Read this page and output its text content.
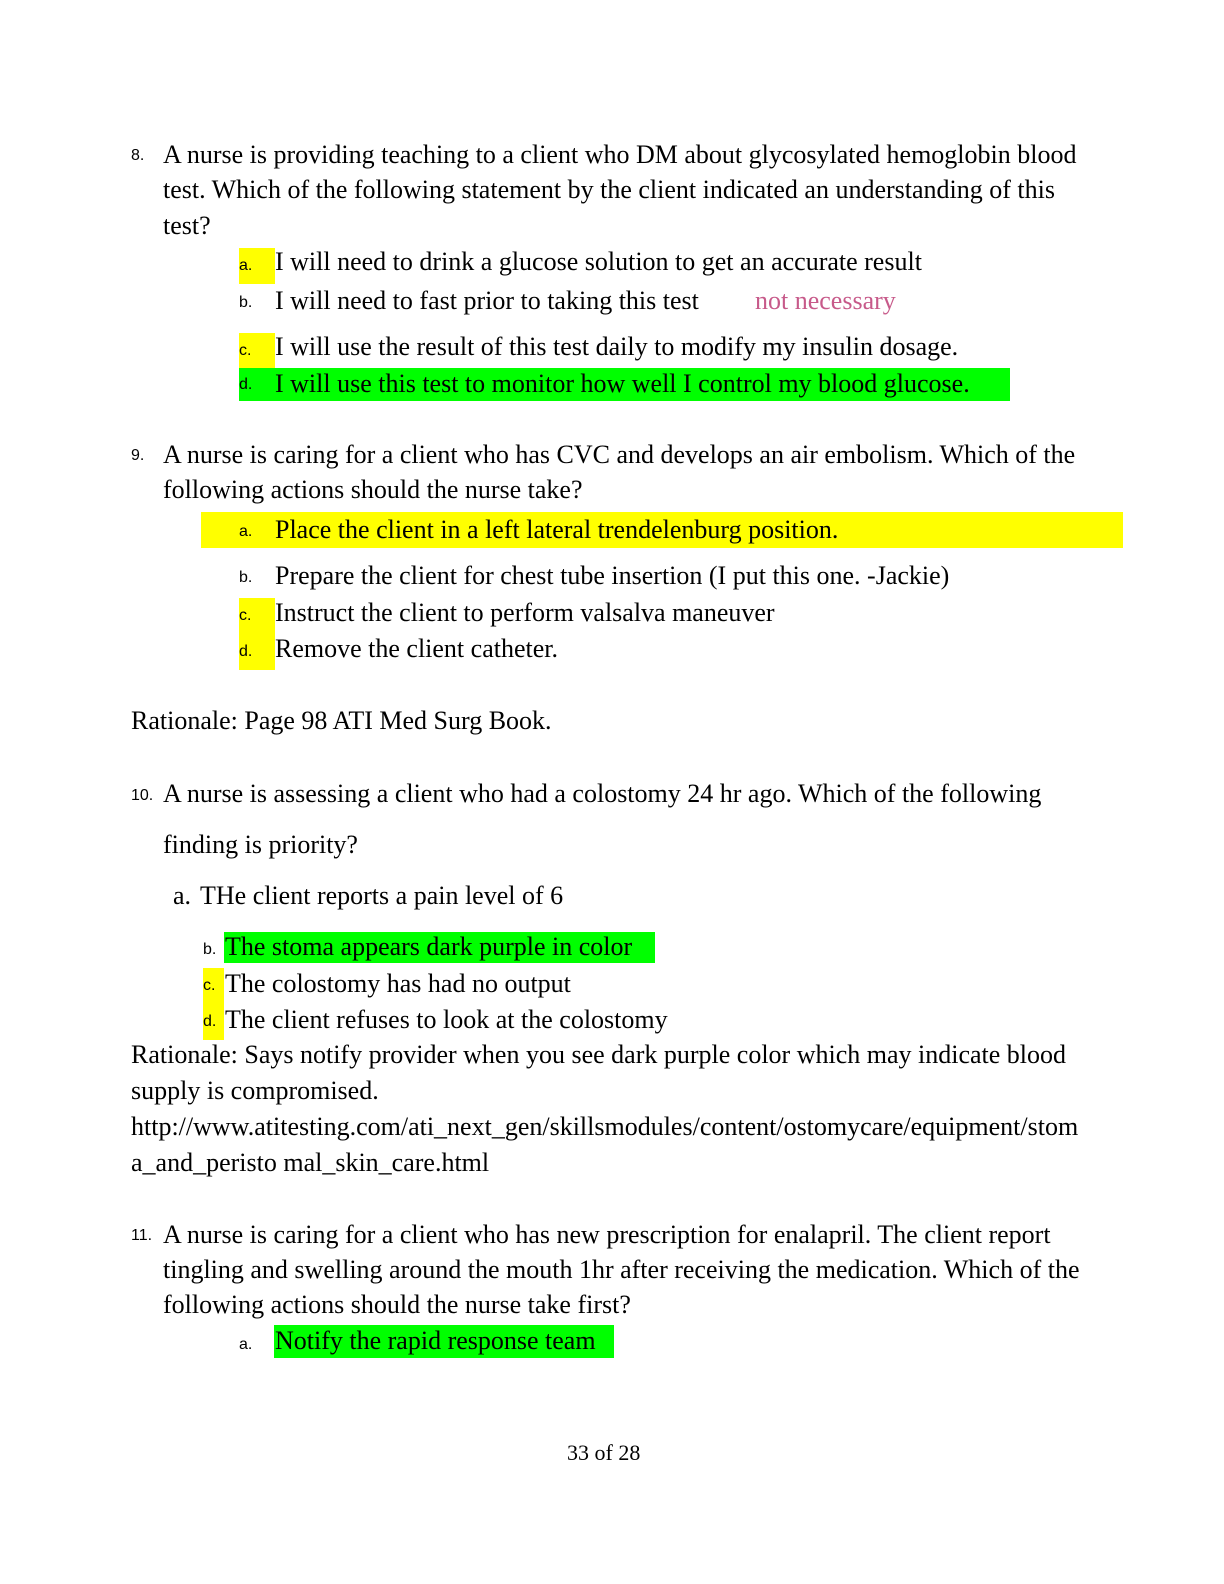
8. A nurse is providing teaching to a client who DM about glycosylated hemoglobin blood
test. Which of the following statement by the client indicated an understanding of this
test?
a. I will need to drink a glucose solution to get an accurate result
b. I will need to fast prior to taking this test not necessary
c. I will use the result of this test daily to modify my insulin dosage.
d. I will use this test to monitor how well I control my blood glucose.
9. A nurse is caring for a client who has CVC and develops an air embolism. Which of the
following actions should the nurse take?
a. Place the client in a left lateral trendelenburg position.
b. Prepare the client for chest tube insertion (I put this one. -Jackie)
c. Instruct the client to perform valsalva maneuver
d. Remove the client catheter.
Rationale: Page 98 ATI Med Surg Book.
10. A nurse is assessing a client who had a colostomy 24 hr ago. Which of the following
finding is priority?
a. THe client reports a pain level of 6
b. The stoma appears dark purple in color
c. The colostomy has had no output
d. The client refuses to look at the colostomy
Rationale: Says notify provider when you see dark purple color which may indicate blood
supply is compromised.
http://www.atitesting.com/ati_next_gen/skillsmodules/content/ostomycare/equipment/stom
a_and_peristo mal_skin_care.html
11. A nurse is caring for a client who has new prescription for enalapril. The client report
tingling and swelling around the mouth 1hr after receiving the medication. Which of the
following actions should the nurse take first?
a. Notify the rapid response team
33 of 28
